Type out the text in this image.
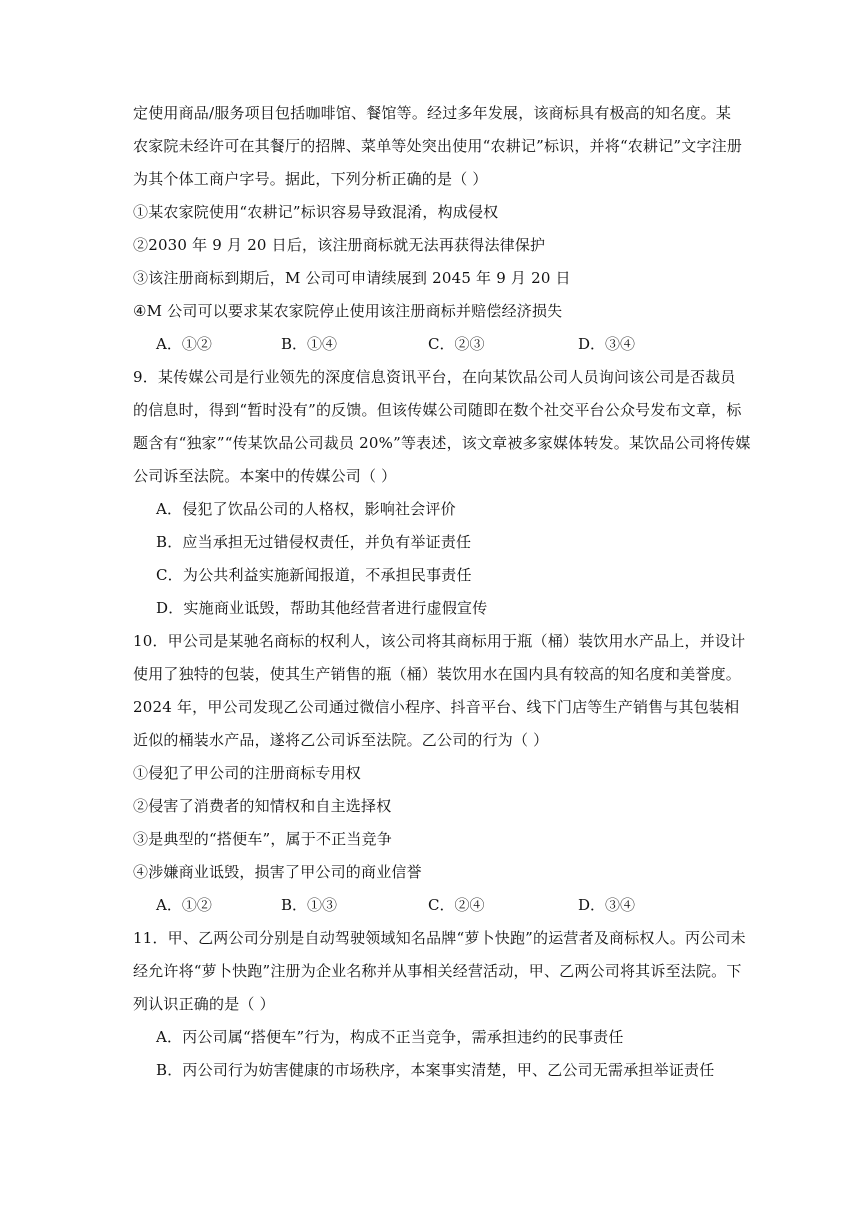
定使用商品/服务项目包括咖啡馆、餐馆等。经过多年发展，该商标具有极高的知名度。某
农家院未经许可在其餐厅的招牌、菜单等处突出使用“农耕记”标识，并将“农耕记”文字注册
为其个体工商户字号。据此，下列分析正确的是（ ）
①某农家院使用“农耕记”标识容易导致混淆，构成侵权
②2030 年 9 月 20 日后，该注册商标就无法再获得法律保护
③该注册商标到期后，M 公司可申请续展到 2045 年 9 月 20 日
④M 公司可以要求某农家院停止使用该注册商标并赔偿经济损失
A．①②	B．①④	C．②③	D．③④
9．某传媒公司是行业领先的深度信息资讯平台，在向某饮品公司人员询问该公司是否裁员
的信息时，得到“暂时没有”的反馈。但该传媒公司随即在数个社交平台公众号发布文章，标
题含有“独家”“传某饮品公司裁员 20%”等表述，该文章被多家媒体转发。某饮品公司将传媒
公司诉至法院。本案中的传媒公司（ ）
A．侵犯了饮品公司的人格权，影响社会评价
B．应当承担无过错侵权责任，并负有举证责任
C．为公共利益实施新闻报道，不承担民事责任
D．实施商业诋毁，帮助其他经营者进行虚假宣传
10．甲公司是某驰名商标的权利人，该公司将其商标用于瓶（桶）装饮用水产品上，并设计
使用了独特的包装，使其生产销售的瓶（桶）装饮用水在国内具有较高的知名度和美誉度。
2024 年，甲公司发现乙公司通过微信小程序、抖音平台、线下门店等生产销售与其包装相
近似的桶装水产品，遂将乙公司诉至法院。乙公司的行为（ ）
①侵犯了甲公司的注册商标专用权
②侵害了消费者的知情权和自主选择权
③是典型的“搭便车”，属于不正当竞争
④涉嫌商业诋毁，损害了甲公司的商业信誉
A．①②	B．①③	C．②④	D．③④
11．甲、乙两公司分别是自动驾驶领域知名品牌“萝卜快跑”的运营者及商标权人。丙公司未
经允许将“萝卜快跑”注册为企业名称并从事相关经营活动，甲、乙两公司将其诉至法院。下
列认识正确的是（ ）
A．丙公司属“搭便车”行为，构成不正当竞争，需承担违约的民事责任
B．丙公司行为妨害健康的市场秩序，本案事实清楚，甲、乙公司无需承担举证责任
